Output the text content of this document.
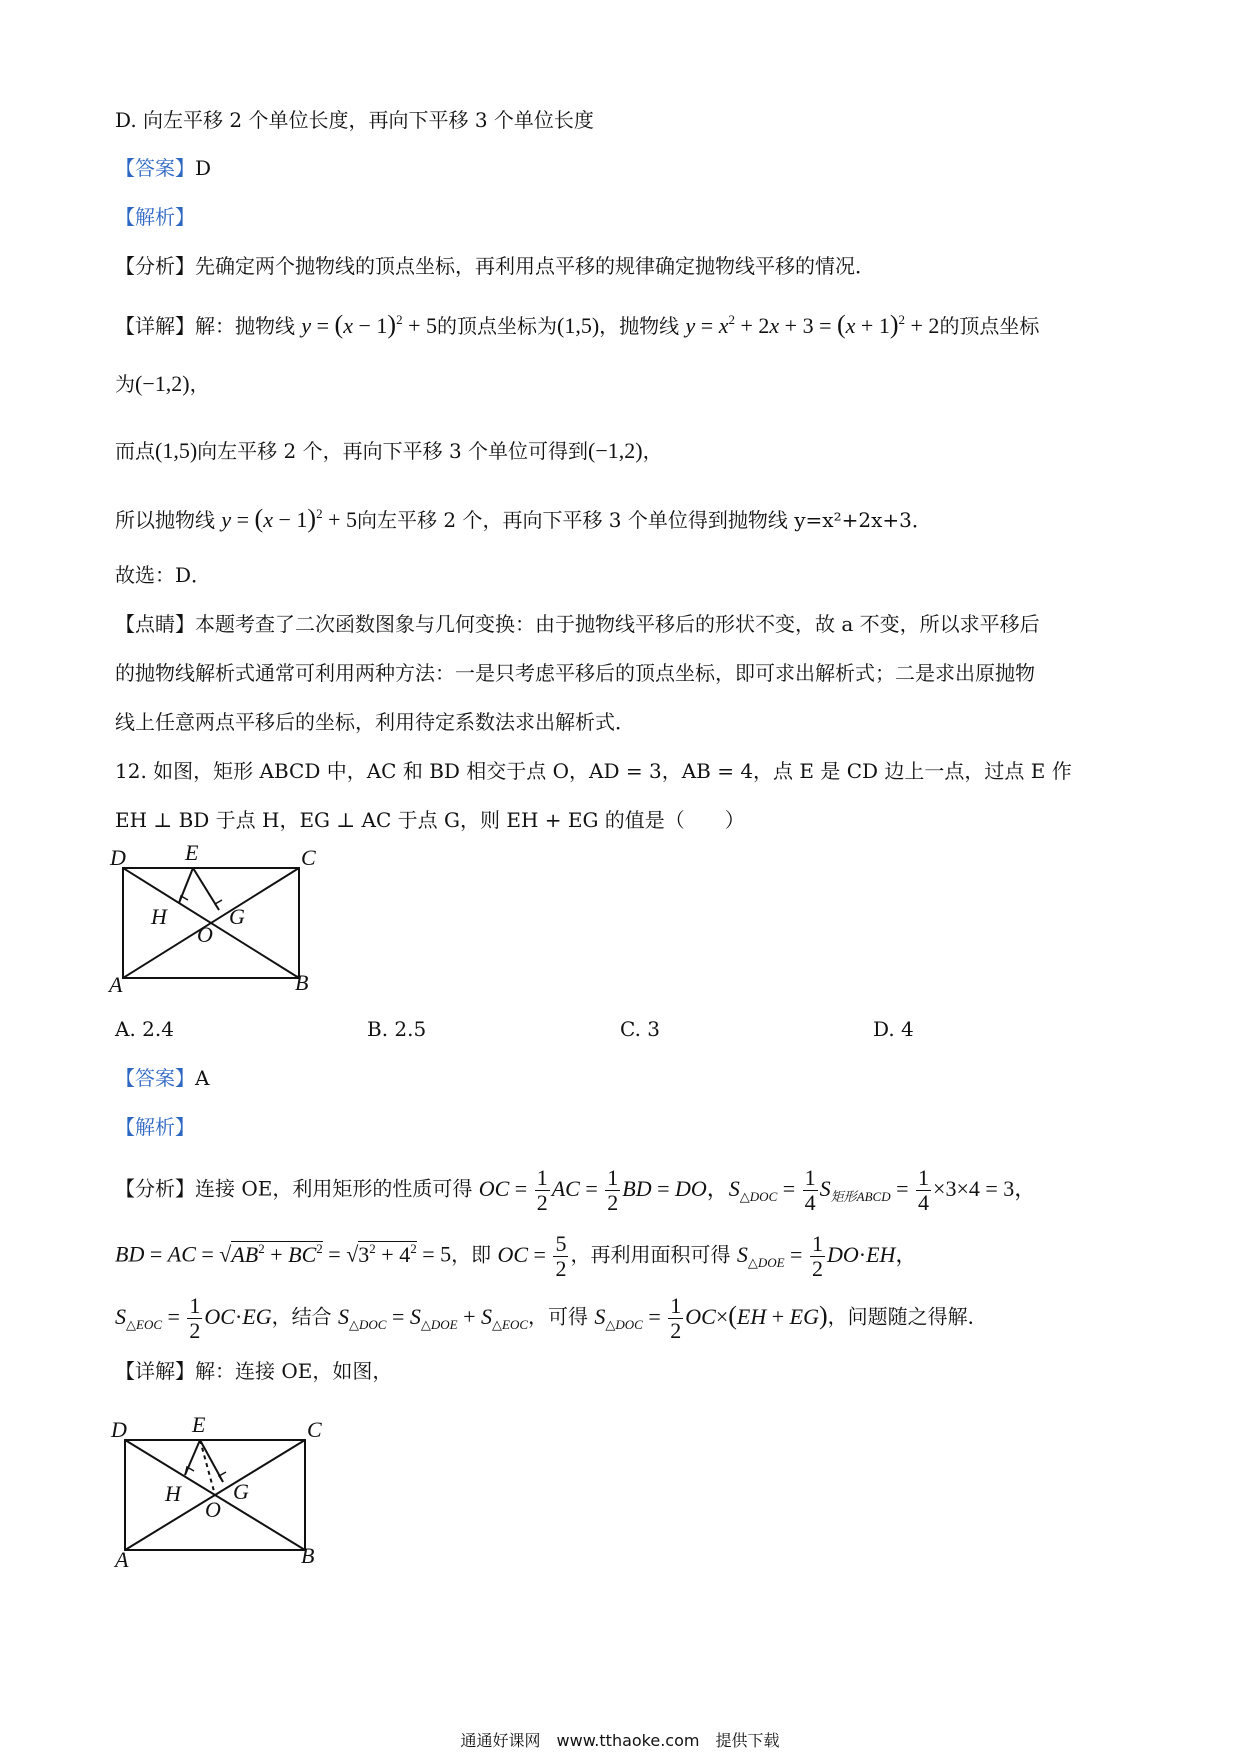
D. 向左平移 2 个单位长度，再向下平移 3 个单位长度
【答案】D
【解析】
【分析】先确定两个抛物线的顶点坐标，再利用点平移的规律确定抛物线平移的情况．
【详解】解：抛物线 $y = (x - 1)^2 + 5$的顶点坐标为(1,5)，抛物线 $y = x^2 + 2x + 3 = (x + 1)^2 + 2$的顶点坐标
为(−1,2)，
而点(1,5)向左平移 2 个，再向下平移 3 个单位可得到(−1,2)，
所以抛物线 $y = (x - 1)^2 + 5$向左平移 2 个，再向下平移 3 个单位得到抛物线 y=x²+2x+3．
故选：D．
【点睛】本题考查了二次函数图象与几何变换：由于抛物线平移后的形状不变，故 a 不变，所以求平移后
的抛物线解析式通常可利用两种方法：一是只考虑平移后的顶点坐标，即可求出解析式；二是求出原抛物
线上任意两点平移后的坐标，利用待定系数法求出解析式．
12. 如图，矩形 ABCD 中，AC 和 BD 相交于点 O，AD = 3，AB = 4，点 E 是 CD 边上一点，过点 E 作
EH ⊥ BD 于点 H，EG ⊥ AC 于点 G，则 EH + EG 的值是（　　）
D	E	C
H	G
O
A	B
A. 2.4	B. 2.5	C. 3	D. 4
【答案】A
【解析】
【分析】连接 OE，利用矩形的性质可得 OC = $\frac{1}{2}$ AC = $\frac{1}{2}$ BD = DO，$S_{\triangle DOC} = \frac{1}{4} S_{矩形ABCD} = \frac{1}{4} \times 3\times 4 = 3$，
BD = AC = $√AB^2 + BC^2 = √3^2 + 4^2 = 5$，即 OC = $\frac{5}{2}$ ，再利用面积可得 $S_{\triangle DOE} = \frac{1}{2} DO\cdot EH$，
$S_{\triangle EOC} = \frac{1}{2} OC\cdot EG$，结合 $S_{\triangle DOC} = S_{\triangle DOE} + S_{\triangle EOC}$，可得 $S_{\triangle DOC} = \frac{1}{2} OC\times(EH + EG)$，问题随之得解．
【详解】解：连接 OE，如图，
D	E	C
H G
O
A	B
通通好课网　www.tthaoke.com　提供下载
